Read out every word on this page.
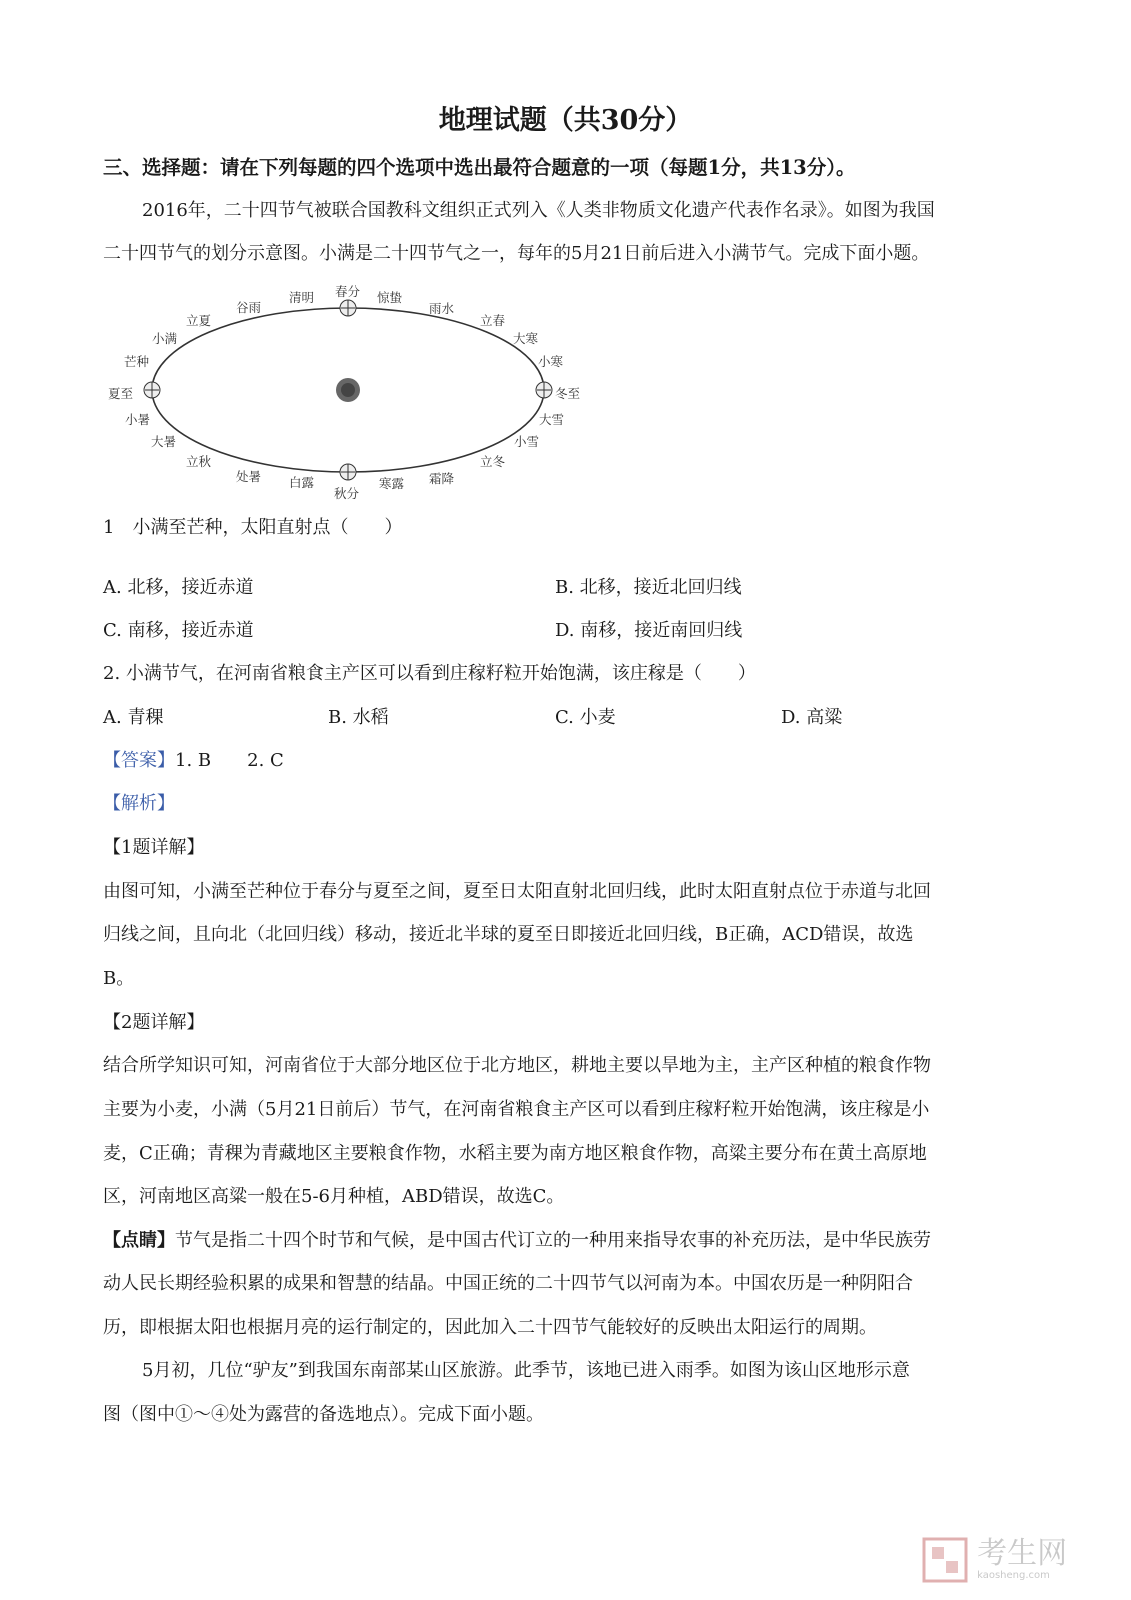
地理试题（共30分）
三、选择题：请在下列每题的四个选项中选出最符合题意的一项（每题1分，共13分）。
2016年，二十四节气被联合国教科文组织正式列入《人类非物质文化遗产代表作名录》。如图为我国
二十四节气的划分示意图。小满是二十四节气之一，每年的5月21日前后进入小满节气。完成下面小题。
谷雨
清明 春分 惊蛰
雨水
立春
大寒
小寒
冬至
大雪
小雪
立冬
霜降
寒露
秋分
白露
处暑
立秋
大暑
小暑
夏至
芒种
小满
立夏
1　小满至芒种，太阳直射点（　　）
A. 北移，接近赤道	B. 北移，接近北回归线
C. 南移，接近赤道	D. 南移，接近南回归线
2. 小满节气，在河南省粮食主产区可以看到庄稼籽粒开始饱满，该庄稼是（　　）
A. 青稞	B. 水稻	C. 小麦	D. 高粱
【答案】1. B　　2. C
【解析】
【1题详解】
由图可知，小满至芒种位于春分与夏至之间，夏至日太阳直射北回归线，此时太阳直射点位于赤道与北回
归线之间，且向北（北回归线）移动，接近北半球的夏至日即接近北回归线，B正确，ACD错误，故选
B。
【2题详解】
结合所学知识可知，河南省位于大部分地区位于北方地区，耕地主要以旱地为主，主产区种植的粮食作物
主要为小麦，小满（5月21日前后）节气，在河南省粮食主产区可以看到庄稼籽粒开始饱满，该庄稼是小
麦，C正确；青稞为青藏地区主要粮食作物，水稻主要为南方地区粮食作物，高粱主要分布在黄土高原地
区，河南地区高粱一般在5-6月种植，ABD错误，故选C。
【点睛】节气是指二十四个时节和气候，是中国古代订立的一种用来指导农事的补充历法，是中华民族劳
动人民长期经验积累的成果和智慧的结晶。中国正统的二十四节气以河南为本。中国农历是一种阴阳合
历，即根据太阳也根据月亮的运行制定的，因此加入二十四节气能较好的反映出太阳运行的周期。
5月初，几位“驴友”到我国东南部某山区旅游。此季节，该地已进入雨季。如图为该山区地形示意
图（图中①～④处为露营的备选地点）。完成下面小题。

考生网
kaosheng.com
